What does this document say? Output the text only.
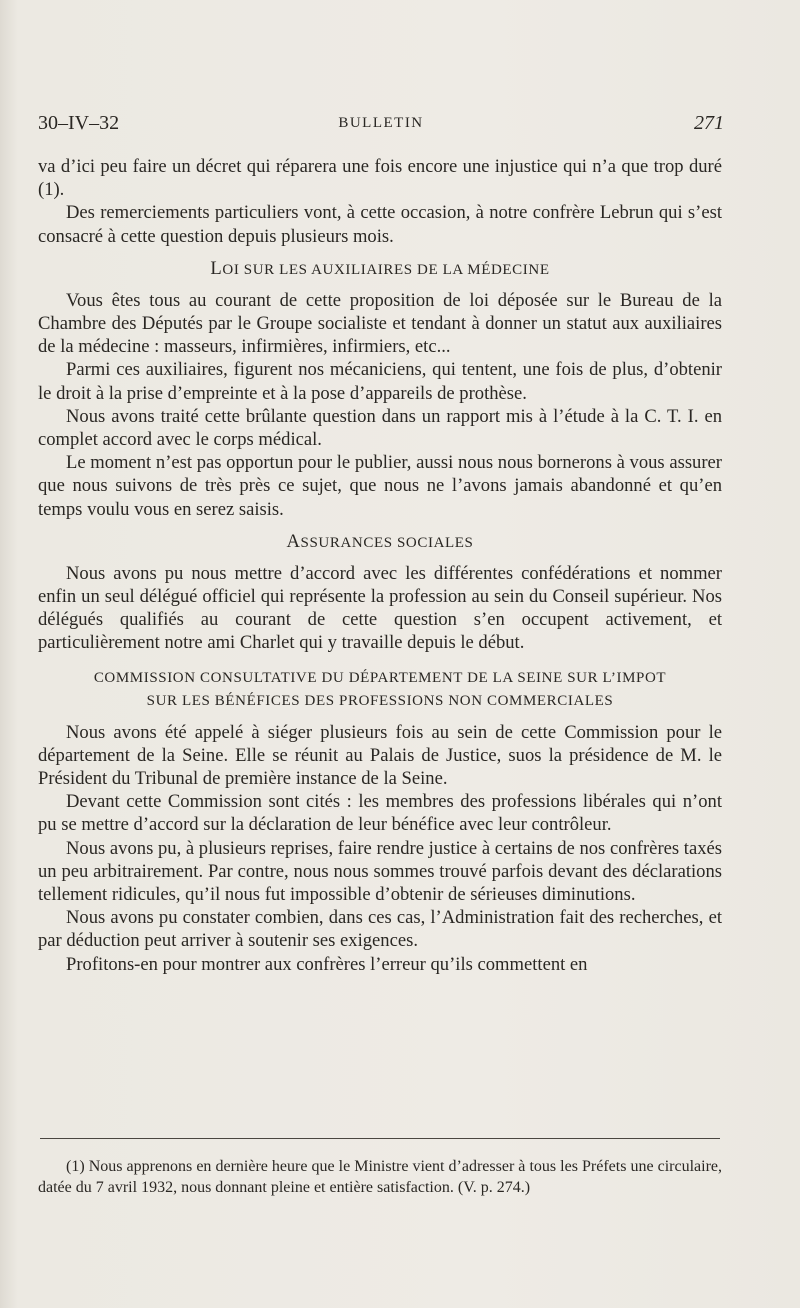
30–IV–32	BULLETIN	271

va d’ici peu faire un décret qui réparera une fois encore une injustice qui n’a que trop duré (1).

Des remerciements particuliers vont, à cette occasion, à notre confrère Lebrun qui s’est consacré à cette question depuis plusieurs mois.

LOI SUR LES AUXILIAIRES DE LA MÉDECINE

Vous êtes tous au courant de cette proposition de loi déposée sur le Bureau de la Chambre des Députés par le Groupe socialiste et tendant à donner un statut aux auxiliaires de la médecine : masseurs, infirmières, infirmiers, etc...

Parmi ces auxiliaires, figurent nos mécaniciens, qui tentent, une fois de plus, d’obtenir le droit à la prise d’empreinte et à la pose d’appareils de prothèse.

Nous avons traité cette brûlante question dans un rapport mis à l’étude à la C. T. I. en complet accord avec le corps médical.

Le moment n’est pas opportun pour le publier, aussi nous nous bornerons à vous assurer que nous suivons de très près ce sujet, que nous ne l’avons jamais abandonné et qu’en temps voulu vous en serez saisis.

ASSURANCES SOCIALES

Nous avons pu nous mettre d’accord avec les différentes confédérations et nommer enfin un seul délégué officiel qui représente la profession au sein du Conseil supérieur. Nos délégués qualifiés au courant de cette question s’en occupent activement, et particulièrement notre ami Charlet qui y travaille depuis le début.

COMMISSION CONSULTATIVE DU DÉPARTEMENT DE LA SEINE SUR L’IMPOT
SUR LES BÉNÉFICES DES PROFESSIONS NON COMMERCIALES

Nous avons été appelé à siéger plusieurs fois au sein de cette Commission pour le département de la Seine. Elle se réunit au Palais de Justice, suos la présidence de M. le Président du Tribunal de première instance de la Seine.

Devant cette Commission sont cités : les membres des professions libérales qui n’ont pu se mettre d’accord sur la déclaration de leur bénéfice avec leur contrôleur.

Nous avons pu, à plusieurs reprises, faire rendre justice à certains de nos confrères taxés un peu arbitrairement. Par contre, nous nous sommes trouvé parfois devant des déclarations tellement ridicules, qu’il nous fut impossible d’obtenir de sérieuses diminutions.

Nous avons pu constater combien, dans ces cas, l’Administration fait des recherches, et par déduction peut arriver à soutenir ses exigences.

Profitons-en pour montrer aux confrères l’erreur qu’ils commettent en

(1) Nous apprenons en dernière heure que le Ministre vient d’adresser à tous les Préfets une circulaire, datée du 7 avril 1932, nous donnant pleine et entière satisfaction. (V. p. 274.)
